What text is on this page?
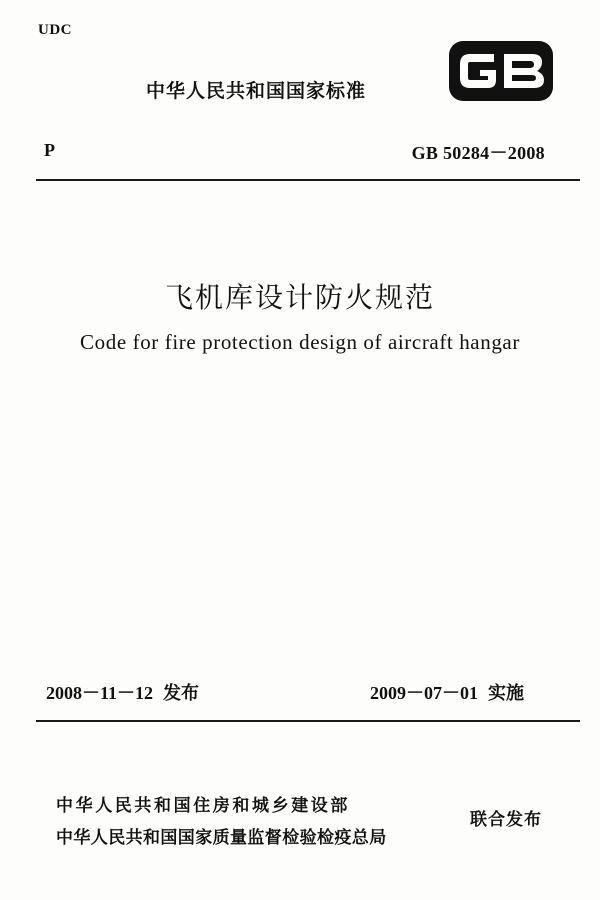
UDC
中华人民共和国国家标准
P	GB 50284－2008
飞机库设计防火规范
Code for fire protection design of aircraft hangar
2008－11－12 发布	2009－07－01 实施
中华人民共和国住房和城乡建设部
中华人民共和国国家质量监督检验检疫总局
联合发布
